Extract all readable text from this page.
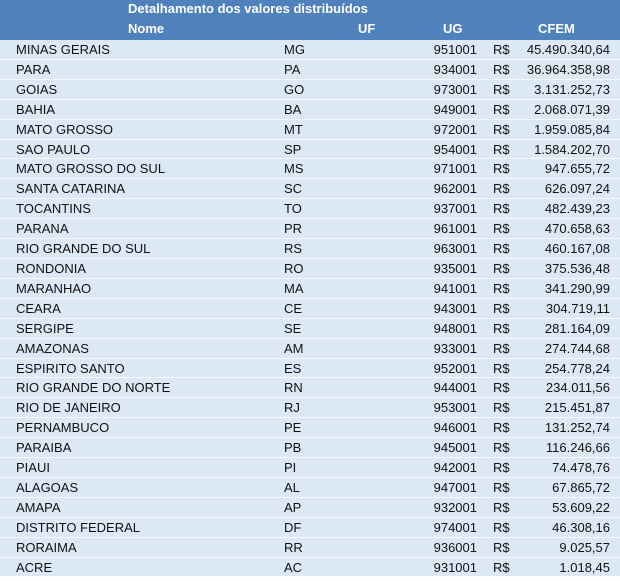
Detalhamento dos valores distribuídos
Nome	UF	UG	CFEM
MINAS GERAIS	MG	951001 R$	45.490.340,64
PARA	PA	934001 R$	36.964.358,98
GOIAS	GO	973001 R$	3.131.252,73
BAHIA	BA	949001 R$	2.068.071,39
MATO GROSSO	MT	972001 R$	1.959.085,84
SAO PAULO	SP	954001 R$	1.584.202,70
MATO GROSSO DO SUL	MS	971001 R$	947.655,72
SANTA CATARINA	SC	962001 R$	626.097,24
TOCANTINS	TO	937001 R$	482.439,23
PARANA	PR	961001 R$	470.658,63
RIO GRANDE DO SUL	RS	963001 R$	460.167,08
RONDONIA	RO	935001 R$	375.536,48
MARANHAO	MA	941001 R$	341.290,99
CEARA	CE	943001 R$	304.719,11
SERGIPE	SE	948001 R$	281.164,09
AMAZONAS	AM	933001 R$	274.744,68
ESPIRITO SANTO	ES	952001 R$	254.778,24
RIO GRANDE DO NORTE	RN	944001 R$	234.011,56
RIO DE JANEIRO	RJ	953001 R$	215.451,87
PERNAMBUCO	PE	946001 R$	131.252,74
PARAIBA	PB	945001 R$	116.246,66
PIAUI	PI	942001 R$	74.478,76
ALAGOAS	AL	947001 R$	67.865,72
AMAPA	AP	932001 R$	53.609,22
DISTRITO FEDERAL	DF	974001 R$	46.308,16
RORAIMA	RR	936001 R$	9.025,57
ACRE	AC	931001 R$	1.018,45
